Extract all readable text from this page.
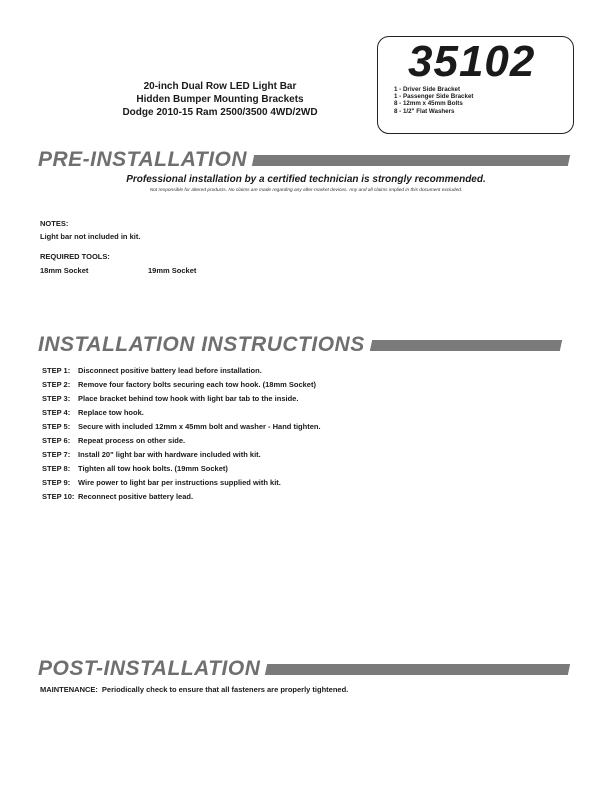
20-inch Dual Row LED Light Bar
Hidden Bumper Mounting Brackets
Dodge 2010-15 Ram 2500/3500 4WD/2WD
35102
1 - Driver Side Bracket
1 - Passenger Side Bracket
8 - 12mm x 45mm Bolts
8 - 1/2" Flat Washers
PRE-INSTALLATION
Professional installation by a certified technician is strongly recommended.
Not responsible for altered products. No claims are made regarding any after-market devices. Any and all claims implied in this document excluded.
NOTES:
Light bar not included in kit.
REQUIRED TOOLS:
18mm Socket	19mm Socket
INSTALLATION INSTRUCTIONS
STEP 1:	Disconnect positive battery lead before installation.
STEP 2:	Remove four factory bolts securing each tow hook. (18mm Socket)
STEP 3:	Place bracket behind tow hook with light bar tab to the inside.
STEP 4:	Replace tow hook.
STEP 5:	Secure with included 12mm x 45mm bolt and washer - Hand tighten.
STEP 6:	Repeat process on other side.
STEP 7:	Install 20" light bar with hardware included with kit.
STEP 8:	Tighten all tow hook bolts. (19mm Socket)
STEP 9:	Wire power to light bar per instructions supplied with kit.
STEP 10: Reconnect positive battery lead.
POST-INSTALLATION
MAINTENANCE: Periodically check to ensure that all fasteners are properly tightened.
